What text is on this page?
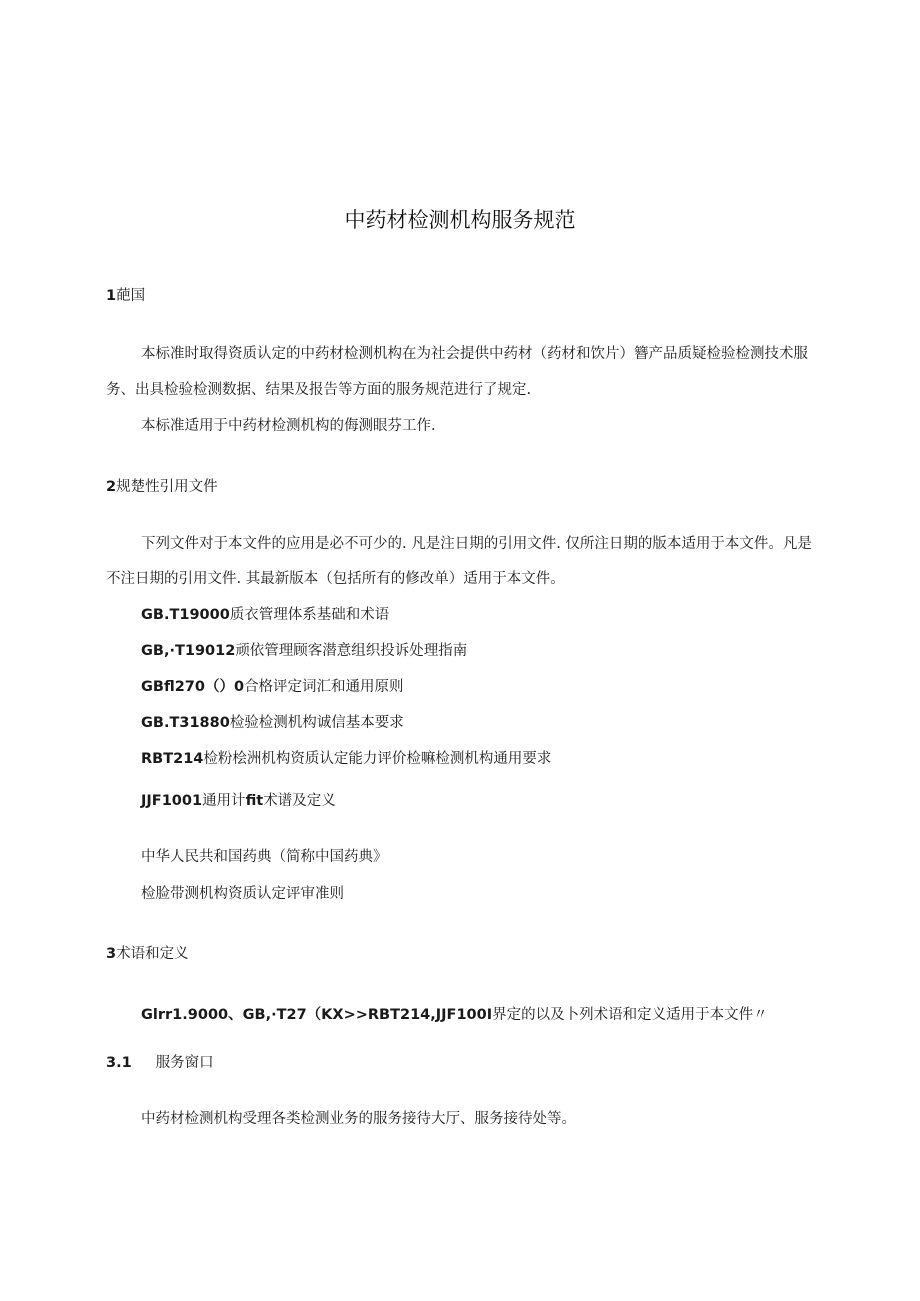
中药材检测机构服务规范
1葩国
本标准时取得资质认定的中药材检测机构在为社会提供中药材（药材和饮片）簪产品质疑检验检测技术服
务、出具检验检测数据、结果及报告等方面的服务规范进行了规定.
本标准适用于中药材检测机构的侮测眼芬工作.
2规楚性引用文件
下列文件对于本文件的应用是必不可少的. 凡是注日期的引用文件. 仅所注日期的版本适用于本文件。凡是
不注日期的引用文件. 其最新版本（包括所有的修改单）适用于本文件。
GB.T19000质衣管理体系基础和术语
GB,·T19012顽依管理顾客潜意组织投诉处理指南
GBfl270（）0合格评定词汇和通用原则
GB.T31880检验检测机构诚信基本要求
RBT214检粉桧洲机构资质认定能力评价检嘛检测机构通用要求
JJF1001通用计fit术谱及定义
中华人民共和国药典（简称中国药典》
检脸带测机构资质认定评审准则
3术语和定义
Glrr1.9000、GB,·T27（KX>>RBT214,JJF100I界定的以及卜列术语和定义适用于本文件〃
3.1 服务窗口
中药材检测机构受理各类检测业务的服务接待大厅、服务接待处等。
